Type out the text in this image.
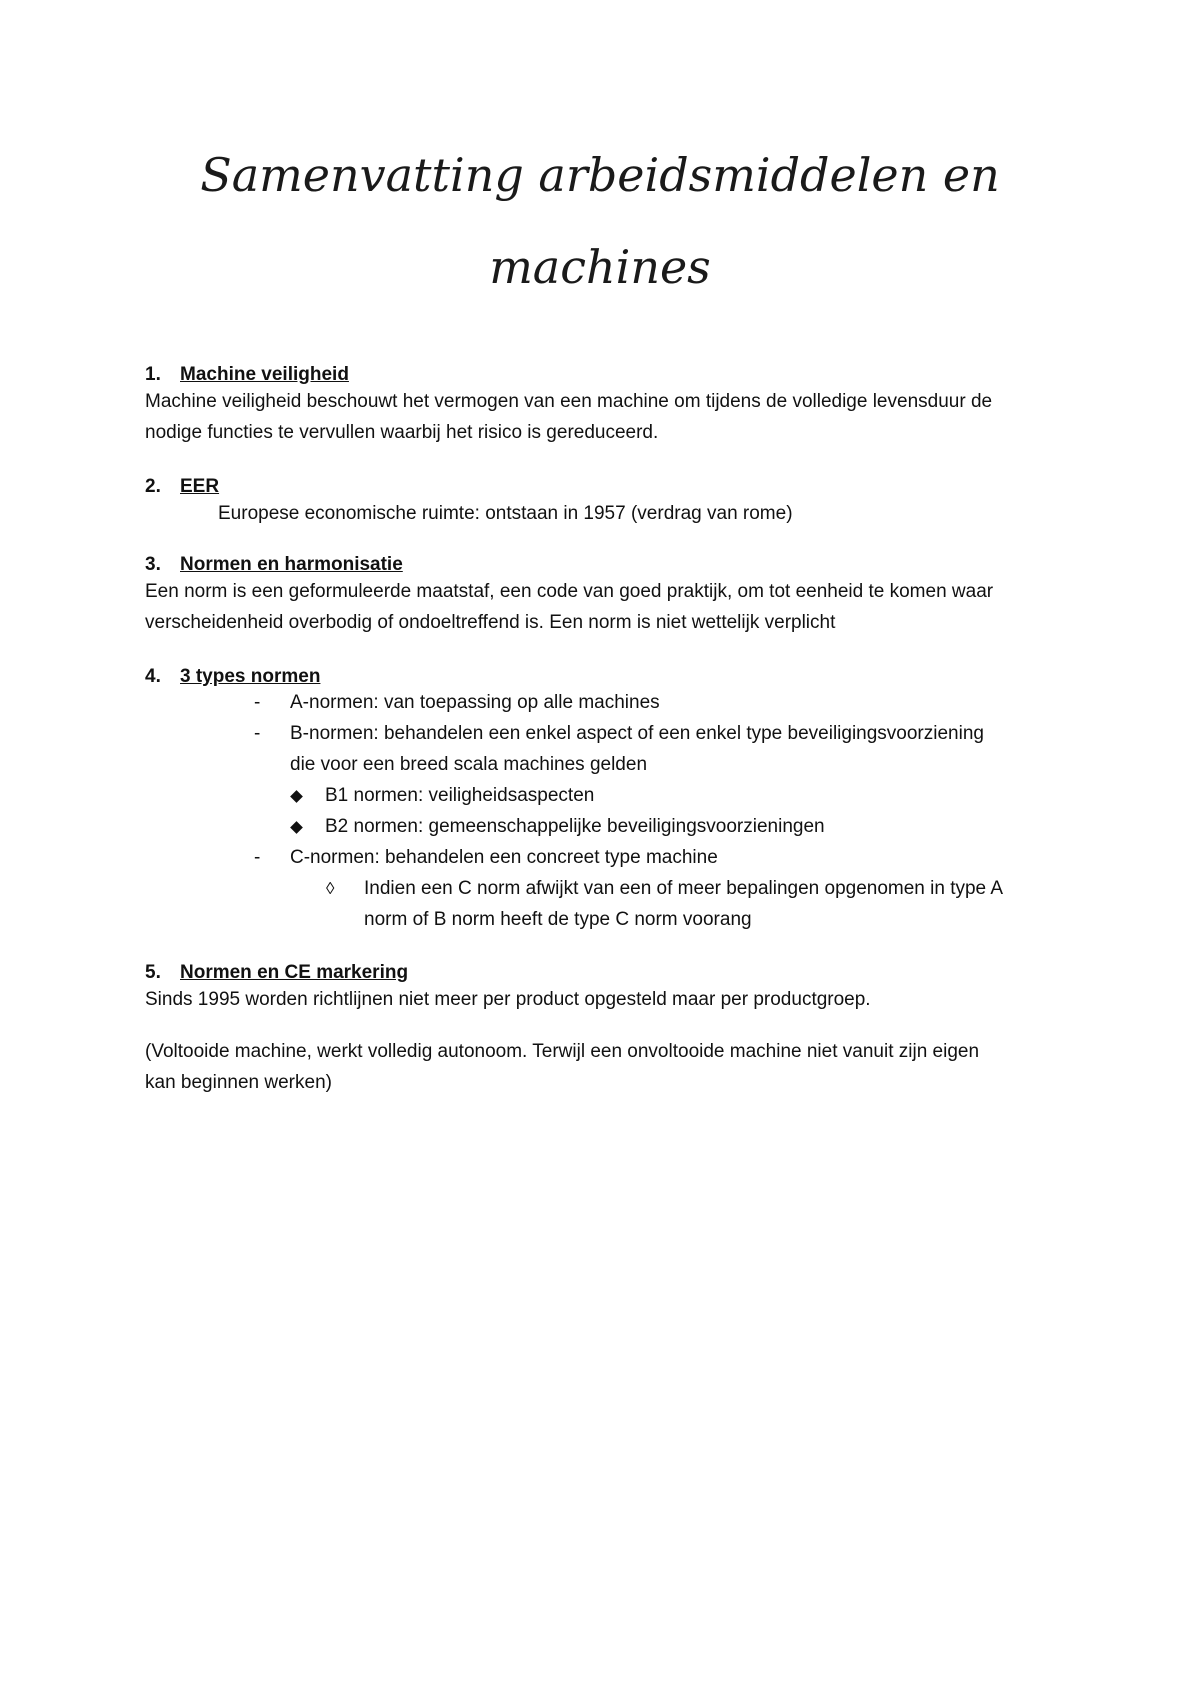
Samenvatting arbeidsmiddelen en
machines
1. Machine veiligheid
Machine veiligheid beschouwt het vermogen van een machine om tijdens de volledige levensduur de
nodige functies te vervullen waarbij het risico is gereduceerd.
2. EER
Europese economische ruimte: ontstaan in 1957 (verdrag van rome)
3. Normen en harmonisatie
Een norm is een geformuleerde maatstaf, een code van goed praktijk, om tot eenheid te komen waar
verscheidenheid overbodig of ondoeltreffend is. Een norm is niet wettelijk verplicht
4. 3 types normen
- A-normen: van toepassing op alle machines
- B-normen: behandelen een enkel aspect of een enkel type beveiligingsvoorziening
die voor een breed scala machines gelden
B1 normen: veiligheidsaspecten
B2 normen: gemeenschappelijke beveiligingsvoorzieningen
- C-normen: behandelen een concreet type machine
◊ Indien een C norm afwijkt van een of meer bepalingen opgenomen in type A
norm of B norm heeft de type C norm voorang
5. Normen en CE markering
Sinds 1995 worden richtlijnen niet meer per product opgesteld maar per productgroep.
(Voltooide machine, werkt volledig autonoom. Terwijl een onvoltooide machine niet vanuit zijn eigen
kan beginnen werken)
